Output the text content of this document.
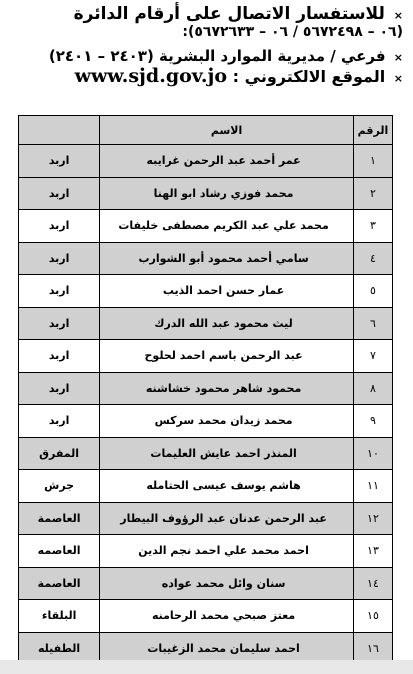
× للاستفسار الاتصال على أرقام الدائرة
(٠٦ – ٥٦٧٢٤٩٨ / ٠٦ – ٥٦٧٢٦٣٣):
× فرعي / مديرية الموارد البشرية (٢٤٠٣ – ٢٤٠١)
× الموقع الالكتروني : www.sjd.gov.jo
الرقم	الاسم	
١	عمر أحمد عبد الرحمن غرايبه	اربد
٢	محمد فوزي رشاد ابو الهنا	اربد
٣	محمد علي عبد الكريم مصطفى خليفات	اربد
٤	سامي أحمد محمود أبو الشوارب	اربد
٥	عمار حسن احمد الذيب	اربد
٦	ليث محمود عبد الله الدرك	اربد
٧	عبد الرحمن باسم احمد لحلوح	اربد
٨	محمود شاهر محمود خشاشنه	اربد
٩	محمد زيدان محمد سركس	اربد
١٠	المنذر احمد عايش العليمات	المفرق
١١	هاشم يوسف عيسى الحتامله	جرش
١٢	عبد الرحمن عدنان عبد الرؤوف البيطار	العاصمة
١٣	احمد محمد علي احمد نجم الدين	العاصمه
١٤	سنان وائل محمد عواده	العاصمة
١٥	معتز صبحي محمد الرحامنه	البلقاء
١٦	احمد سليمان محمد الزغيبات	الطفيله
